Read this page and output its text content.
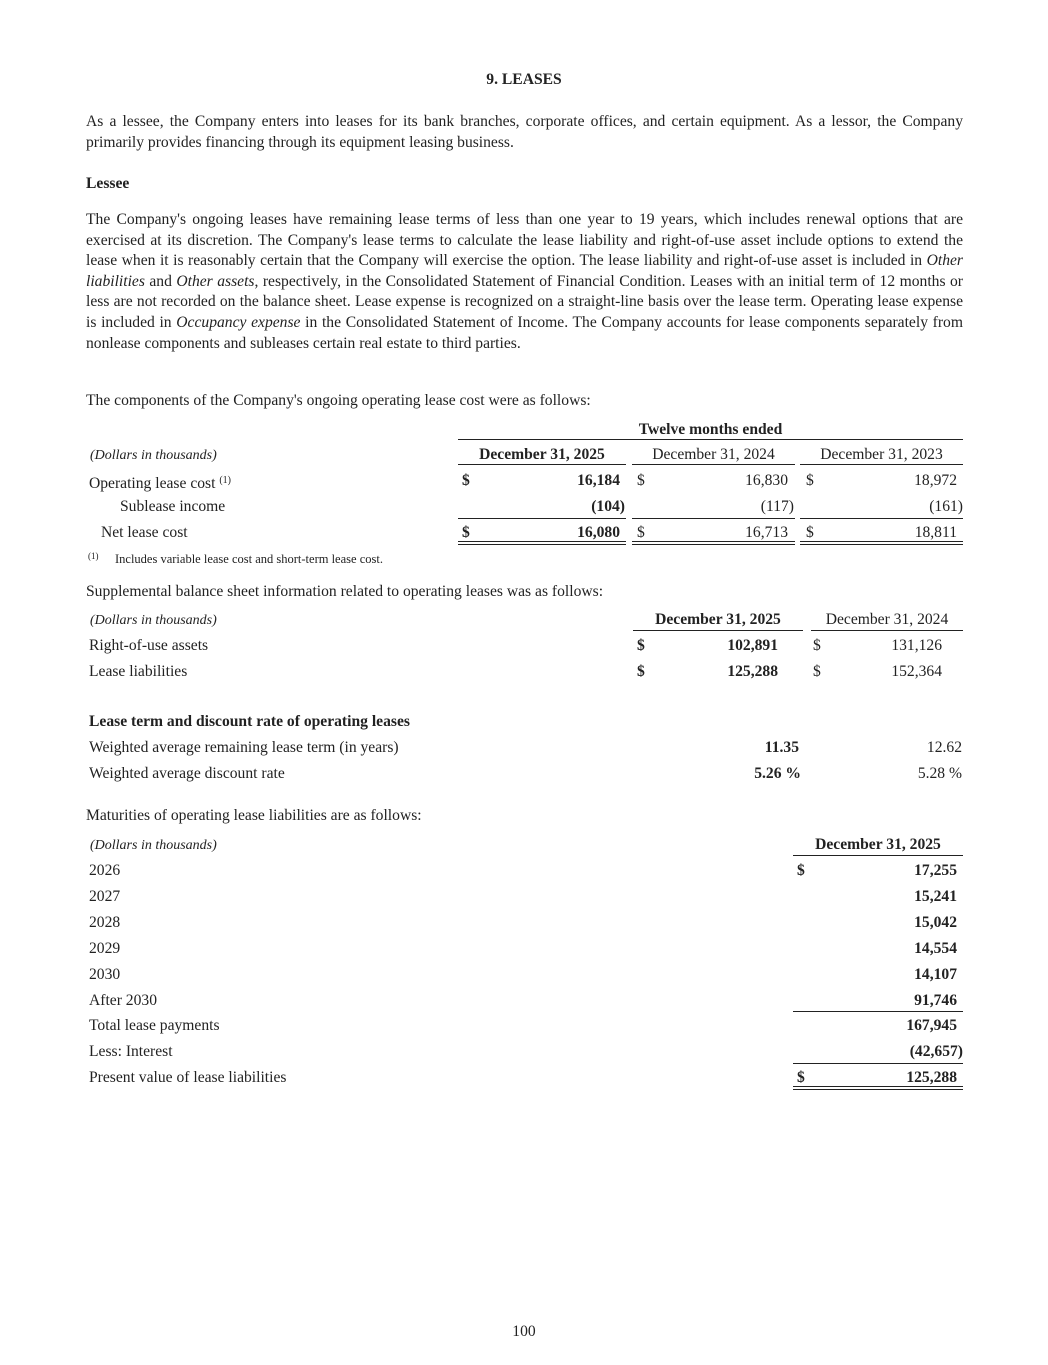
9. LEASES
As a lessee, the Company enters into leases for its bank branches, corporate offices, and certain equipment. As a lessor, the Company primarily provides financing through its equipment leasing business.
Lessee
The Company's ongoing leases have remaining lease terms of less than one year to 19 years, which includes renewal options that are exercised at its discretion. The Company's lease terms to calculate the lease liability and right-of-use asset include options to extend the lease when it is reasonably certain that the Company will exercise the option. The lease liability and right-of-use asset is included in Other liabilities and Other assets, respectively, in the Consolidated Statement of Financial Condition. Leases with an initial term of 12 months or less are not recorded on the balance sheet. Lease expense is recognized on a straight-line basis over the lease term. Operating lease expense is included in Occupancy expense in the Consolidated Statement of Income. The Company accounts for lease components separately from nonlease components and subleases certain real estate to third parties.
The components of the Company's ongoing operating lease cost were as follows:
Twelve months ended
(Dollars in thousands)	December 31, 2025	December 31, 2024	December 31, 2023
Operating lease cost $^{(1)}$	$	16,184 $	16,830 $	18,972
Sublease income	(104)	(117)	(161)
Net lease cost	$	16,080 $	16,713 $	18,811
(1) Includes variable lease cost and short-term lease cost.
Supplemental balance sheet information related to operating leases was as follows:
(Dollars in thousands)	December 31, 2025	December 31, 2024
Right-of-use assets	$	102,891 $	131,126
Lease liabilities	$	125,288 $	152,364
Lease term and discount rate of operating leases
Weighted average remaining lease term (in years)	11.35	12.62
Weighted average discount rate	5.26 %	5.28 %
Maturities of operating lease liabilities are as follows:
(Dollars in thousands)	December 31, 2025
2026	$	17,255
2027	15,241
2028	15,042
2029	14,554
2030	14,107
After 2030	91,746
Total lease payments	167,945
Less: Interest	(42,657)
Present value of lease liabilities	$	125,288
100
